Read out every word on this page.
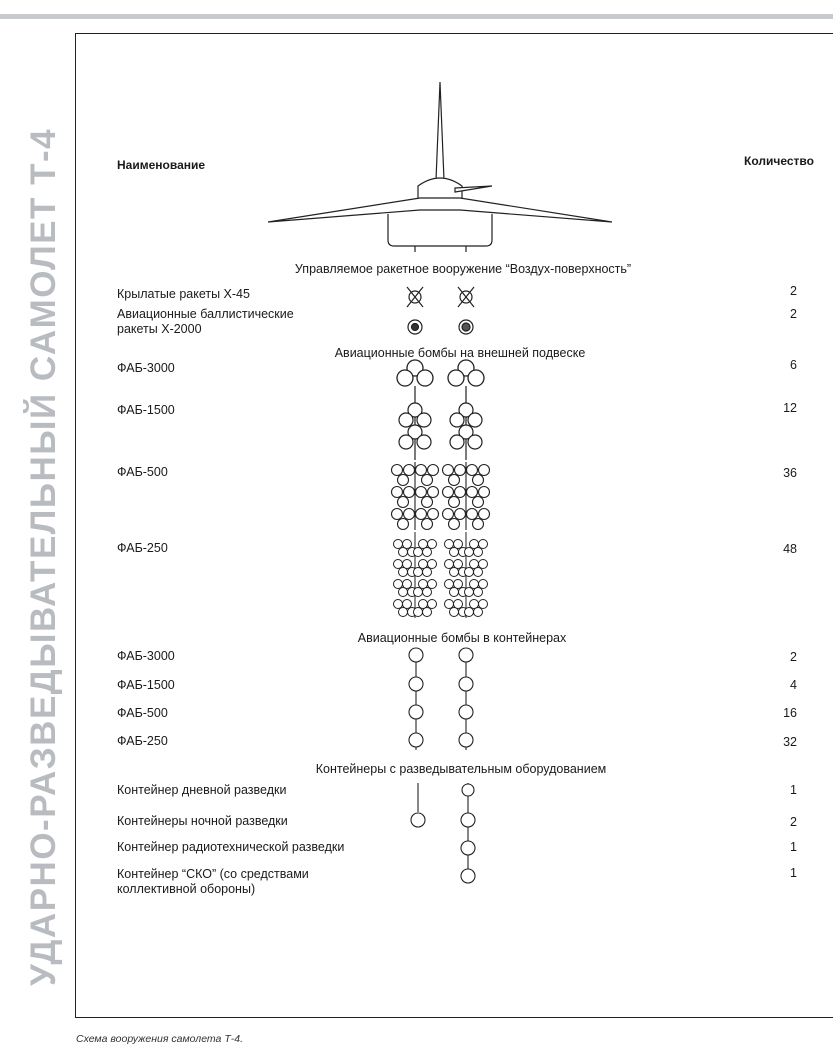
УДАРНО-РАЗВЕДЫВАТЕЛЬНЫЙ САМОЛЕТ Т-4	Наименование	Количество
Управляемое ракетное вооружение “Воздух-поверхность”
Авиационные бомбы на внешней подвеске
Авиационные бомбы в контейнерах
Контейнеры с разведывательным оборудованием
Крылатые ракеты Х-45
Авиационные баллистические
ракеты Х-2000
ФАБ-3000
ФАБ-1500
ФАБ-500
ФАБ-250
ФАБ-3000
ФАБ-1500
ФАБ-500
ФАБ-250
Контейнер дневной разведки
Контейнеры ночной разведки
Контейнер радиотехнической разведки
Контейнер “СКО” (со средствами
коллективной обороны)
2
2
6
12
36
48
2
4
16
32
1
2
1
1
Схема вооружения самолета Т-4.
